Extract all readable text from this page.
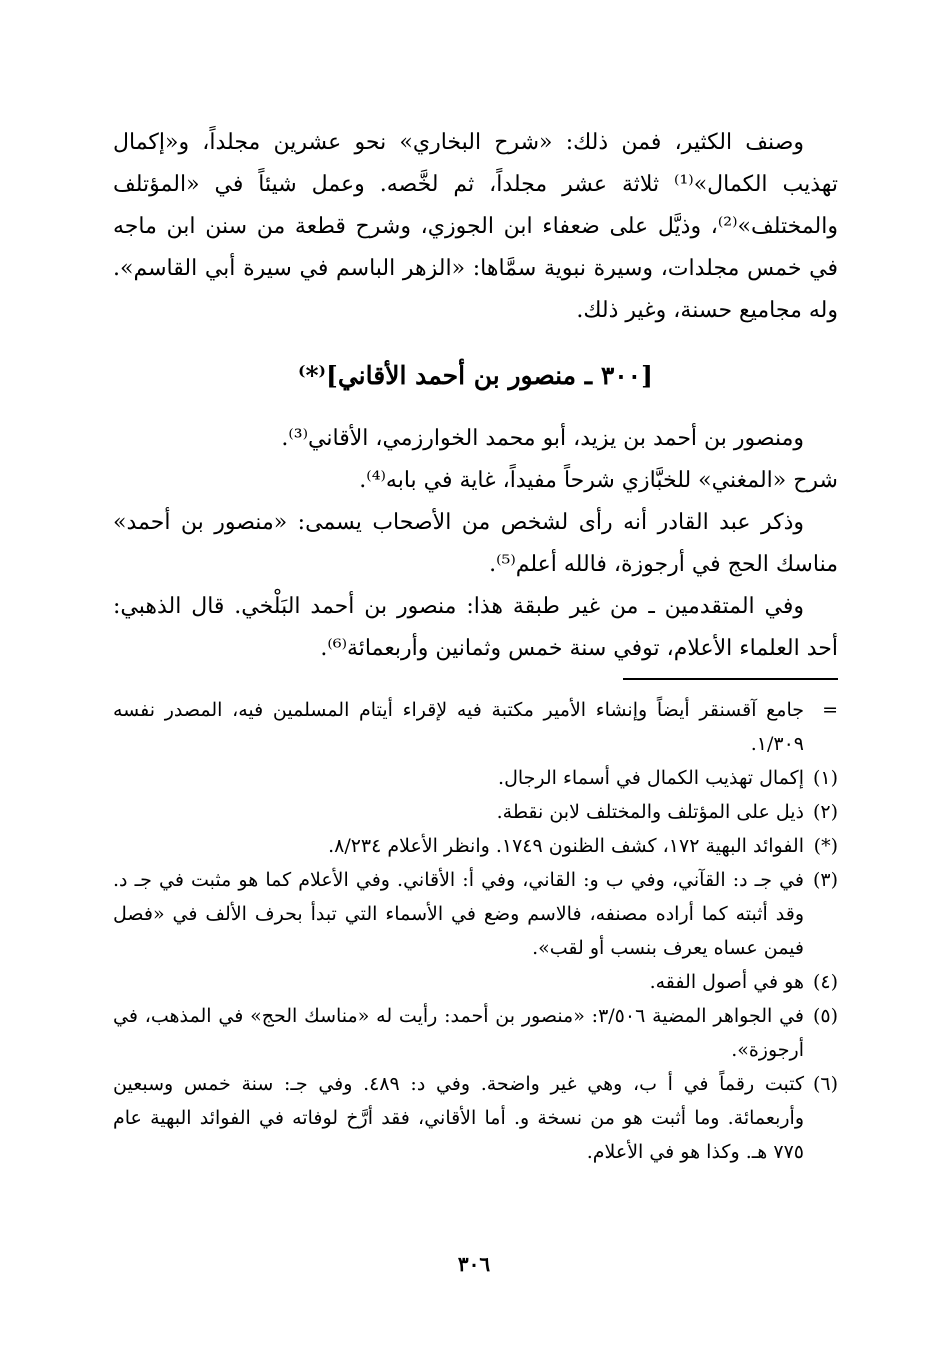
وصنف الكثير، فمن ذلك: «شرح البخاري» نحو عشرين مجلداً، و«إكمال تهذيب الكمال»⁽¹⁾ ثلاثة عشر مجلداً، ثم لخَّصه. وعمل شيئاً في «المؤتلف والمختلف»⁽²⁾، وذيَّل على ضعفاء ابن الجوزي، وشرح قطعة من سنن ابن ماجه في خمس مجلدات، وسيرة نبوية سمَّاها: «الزهر الباسم في سيرة أبي القاسم». وله مجاميع حسنة، وغير ذلك.

[٣٠٠ ـ منصور بن أحمد الأقاني]⁽*⁾

ومنصور بن أحمد بن يزيد، أبو محمد الخوارزمي، الأقاني⁽³⁾.

شرح «المغني» للخبَّازي شرحاً مفيداً، غاية في بابه⁽⁴⁾.

وذكر عبد القادر أنه رأى لشخص من الأصحاب يسمى: «منصور بن أحمد» مناسك الحج في أرجوزة، فالله أعلم⁽⁵⁾.

وفي المتقدمين ـ من غير طبقة هذا: منصور بن أحمد البَلْخي. قال الذهبي: أحد العلماء الأعلام، توفي سنة خمس وثمانين وأربعمائة⁽⁶⁾.

=
جامع آقسنقر أيضاً وإنشاء الأمير مكتبة فيه لإقراء أيتام المسلمين فيه، المصدر نفسه ١/٣٠٩.
(١)
إكمال تهذيب الكمال في أسماء الرجال.
(٢)
ذيل على المؤتلف والمختلف لابن نقطة.
(*)
الفوائد البهية ١٧٢، كشف الظنون ١٧٤٩. وانظر الأعلام ٨/٢٣٤.
(٣)
في جـ د: القآني، وفي ب و: القاني، وفي أ: الأقاني. وفي الأعلام كما هو مثبت في جـ د. وقد أثبته كما أراده مصنفه، فالاسم وضع في الأسماء التي تبدأ بحرف الألف في «فصل فيمن عساه يعرف بنسب أو لقب».
(٤)
هو في أصول الفقه.
(٥)
في الجواهر المضية ٣/٥٠٦: «منصور بن أحمد: رأيت له «مناسك الحج» في المذهب، في أرجوزة».
(٦)
كتبت رقماً في أ ب، وهي غير واضحة. وفي د: ٤٨٩. وفي جـ: سنة خمس وسبعين وأربعمائة. وما أثبت هو من نسخة و. أما الأقاني، فقد أرَّخ لوفاته في الفوائد البهية عام ٧٧٥ هـ. وكذا هو في الأعلام.
٣٠٦
